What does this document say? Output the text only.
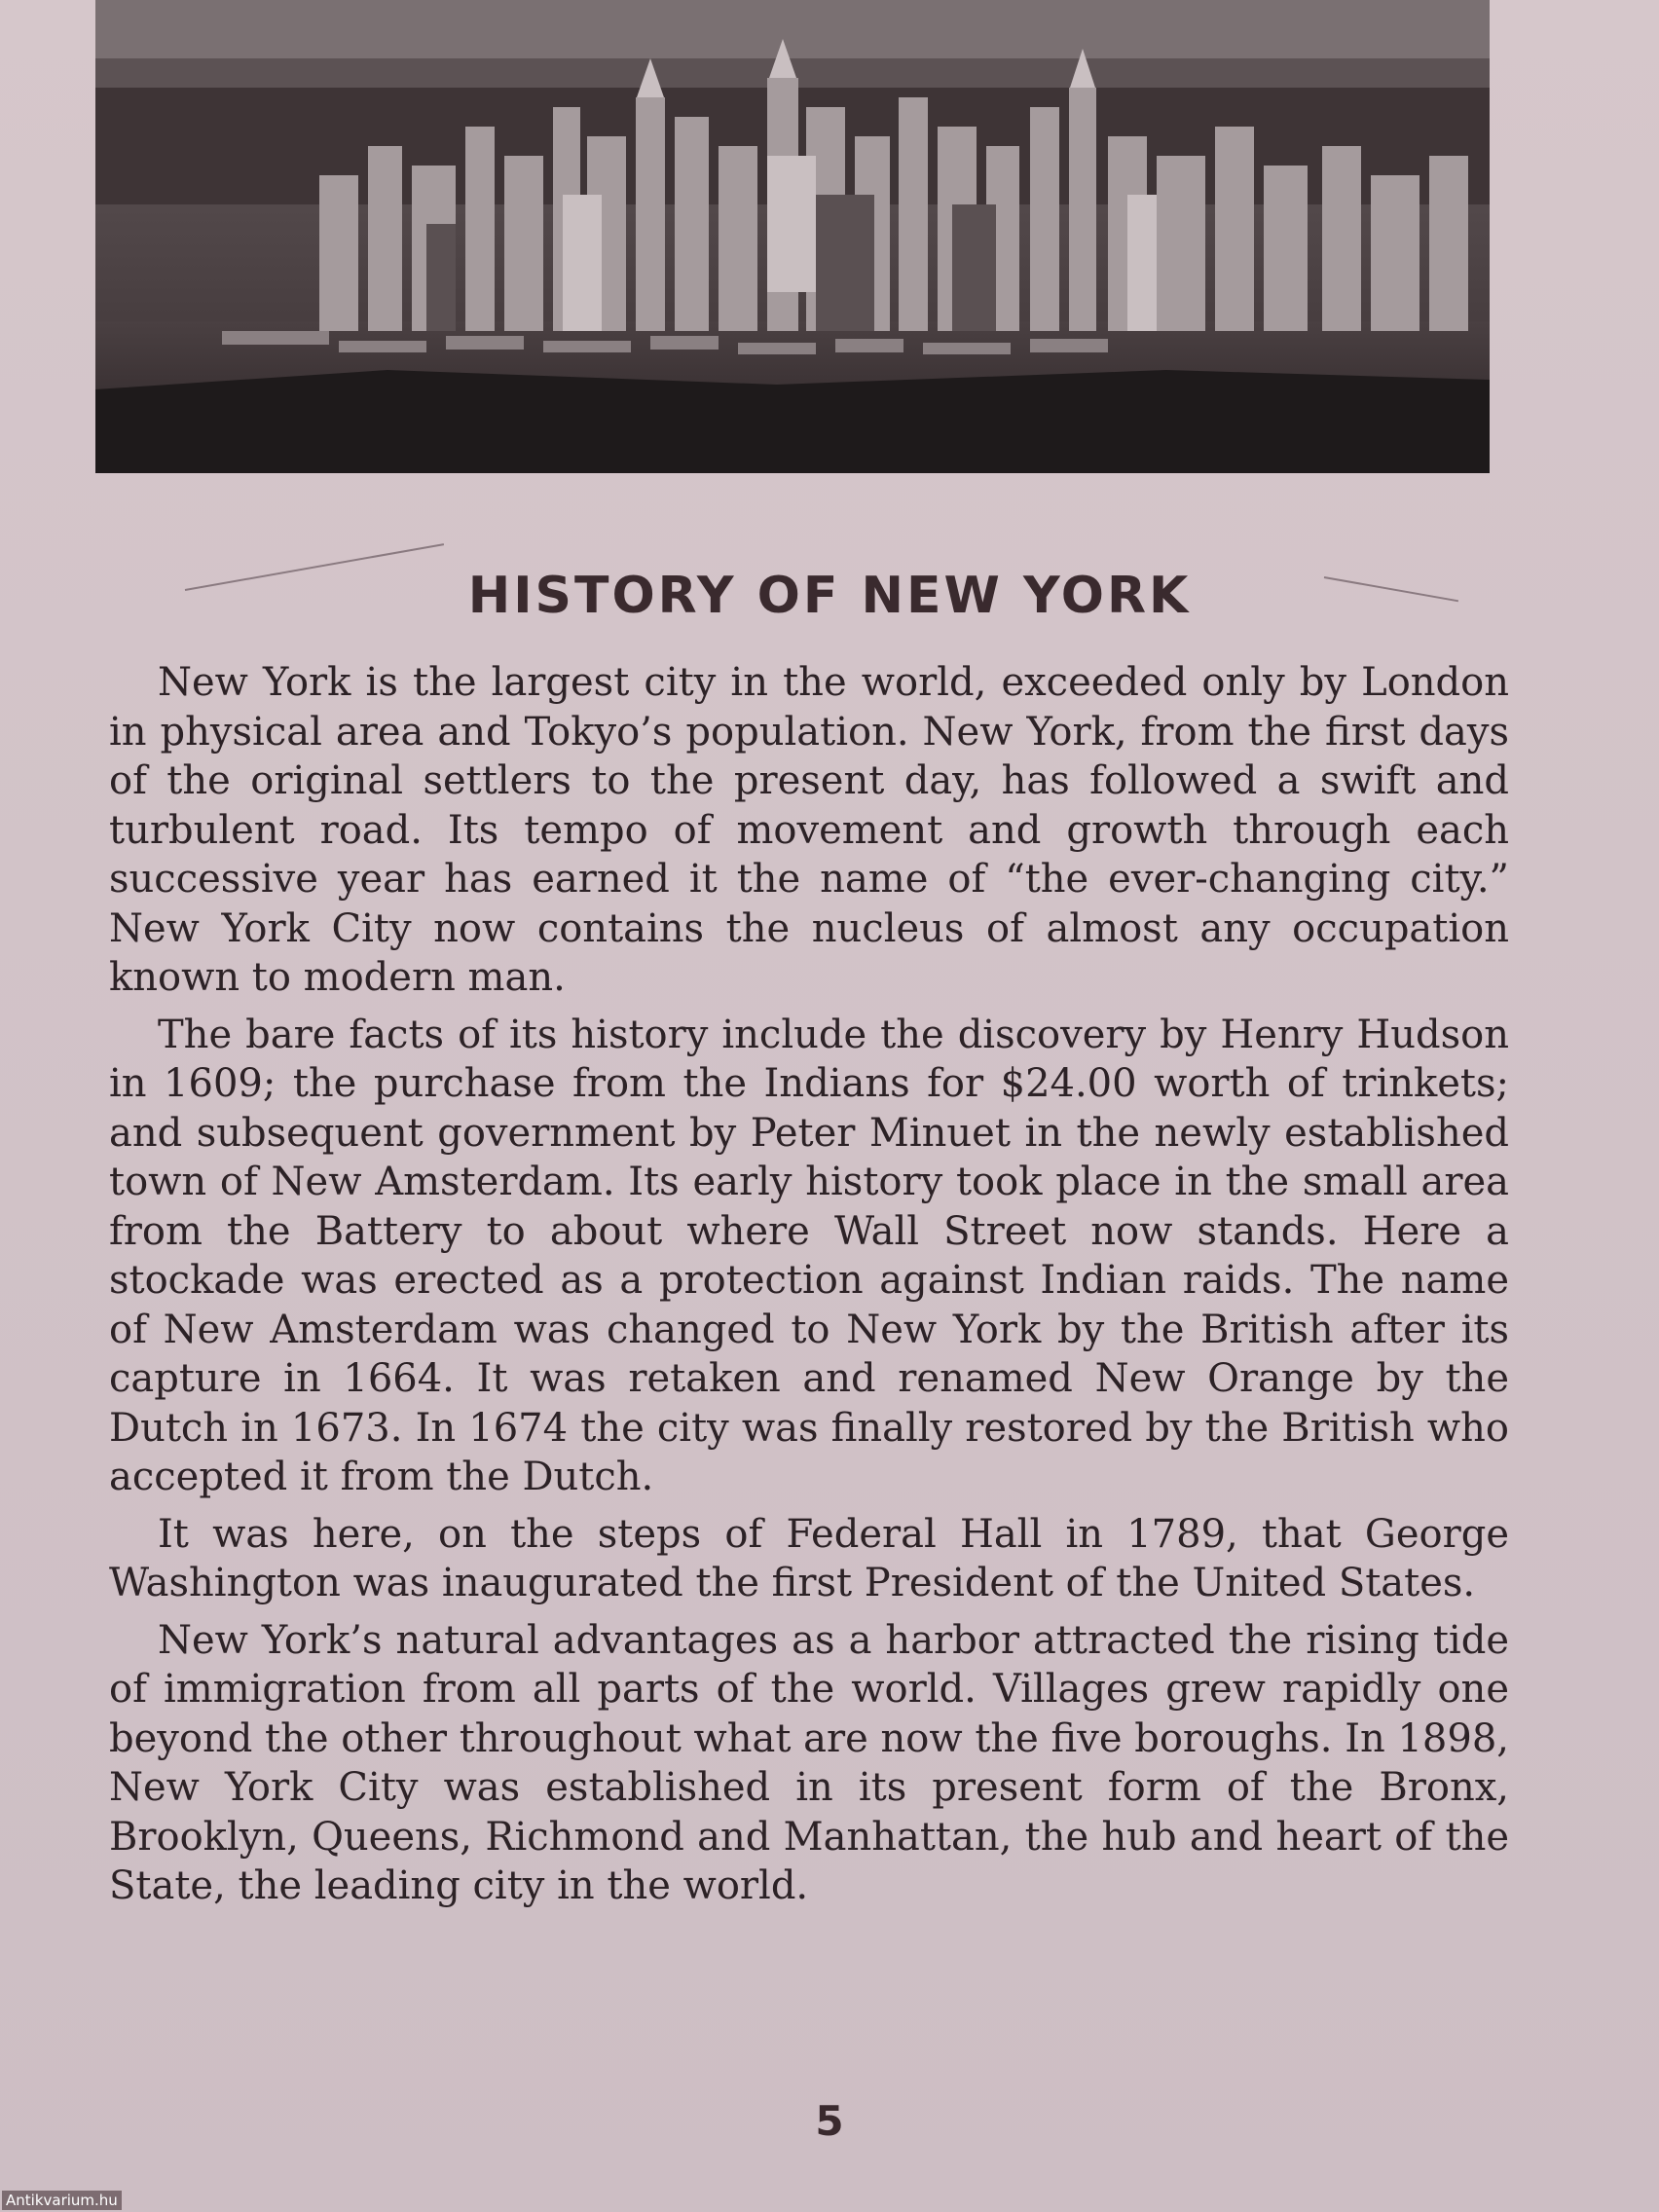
HISTORY OF NEW YORK

New York is the largest city in the world, exceeded only by London in physical area and Tokyo’s population. New York, from the first days of the original settlers to the present day, has followed a swift and turbulent road. Its tempo of movement and growth through each successive year has earned it the name of “the ever-changing city.” New York City now contains the nucleus of almost any occupation known to modern man.

The bare facts of its history include the discovery by Henry Hudson in 1609; the purchase from the Indians for $24.00 worth of trinkets; and subsequent government by Peter Minuet in the newly established town of New Amsterdam. Its early history took place in the small area from the Battery to about where Wall Street now stands. Here a stockade was erected as a protection against Indian raids. The name of New Amsterdam was changed to New York by the British after its capture in 1664. It was retaken and renamed New Orange by the Dutch in 1673. In 1674 the city was finally restored by the British who accepted it from the Dutch.

It was here, on the steps of Federal Hall in 1789, that George Washington was inaugurated the first President of the United States.

New York’s natural advantages as a harbor attracted the rising tide of immigration from all parts of the world. Villages grew rapidly one beyond the other throughout what are now the five boroughs. In 1898, New York City was established in its present form of the Bronx, Brooklyn, Queens, Richmond and Manhattan, the hub and heart of the State, the leading city in the world.

5
Antikvarium.hu
